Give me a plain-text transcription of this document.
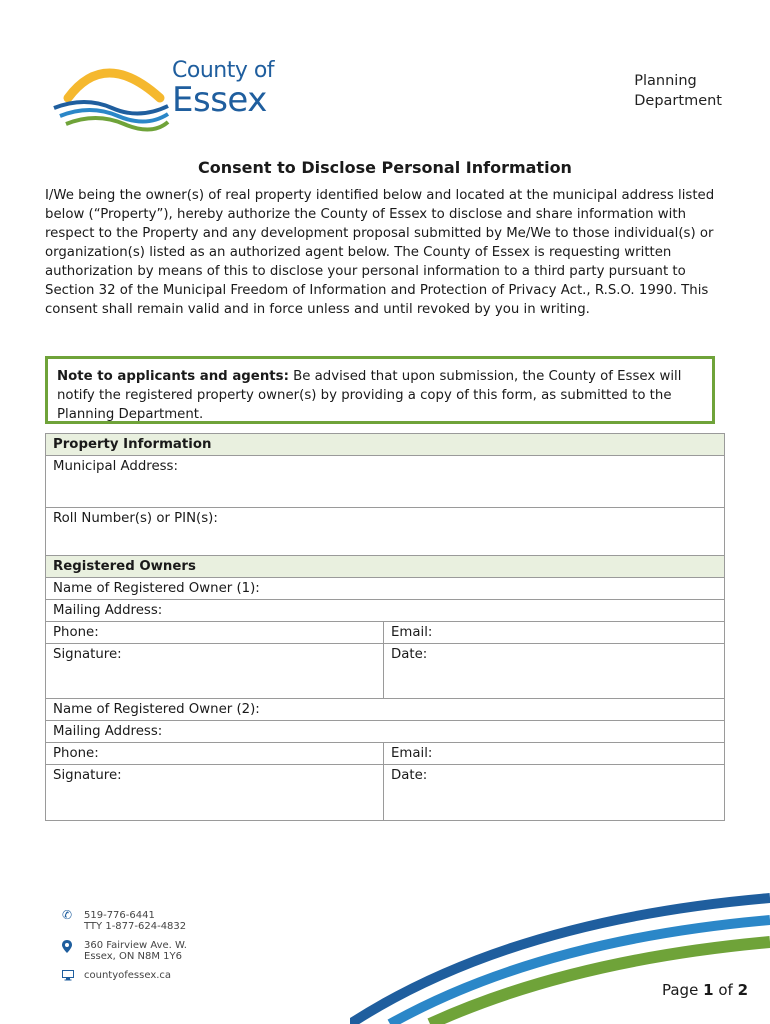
County of
Essex	Planning
Department
Consent to Disclose Personal Information

I/We being the owner(s) of real property identified below and located at the municipal address listed below (“Property”), hereby authorize the County of Essex to disclose and share information with respect to the Property and any development proposal submitted by Me/We to those individual(s) or organization(s) listed as an authorized agent below. The County of Essex is requesting written authorization by means of this to disclose your personal information to a third party pursuant to Section 32 of the Municipal Freedom of Information and Protection of Privacy Act., R.S.O. 1990. This consent shall remain valid and in force unless and until revoked by you in writing.

Note to applicants and agents: Be advised that upon submission, the County of Essex will notify the registered property owner(s) by providing a copy of this form, as submitted to the Planning Department.
Property Information	
Municipal Address:	
Roll Number(s) or PIN(s):	
Registered Owners	
Name of Registered Owner (1):	
Mailing Address:	
Phone:	Email:
Signature:	Date:
Name of Registered Owner (2):	
Mailing Address:	
Phone:	Email:
Signature:	Date:
✆	519-776-6441
TTY 1-877-624-4832
360 Fairview Ave. W.
Essex, ON N8M 1Y6
countyofessex.ca
Page 1 of 2
